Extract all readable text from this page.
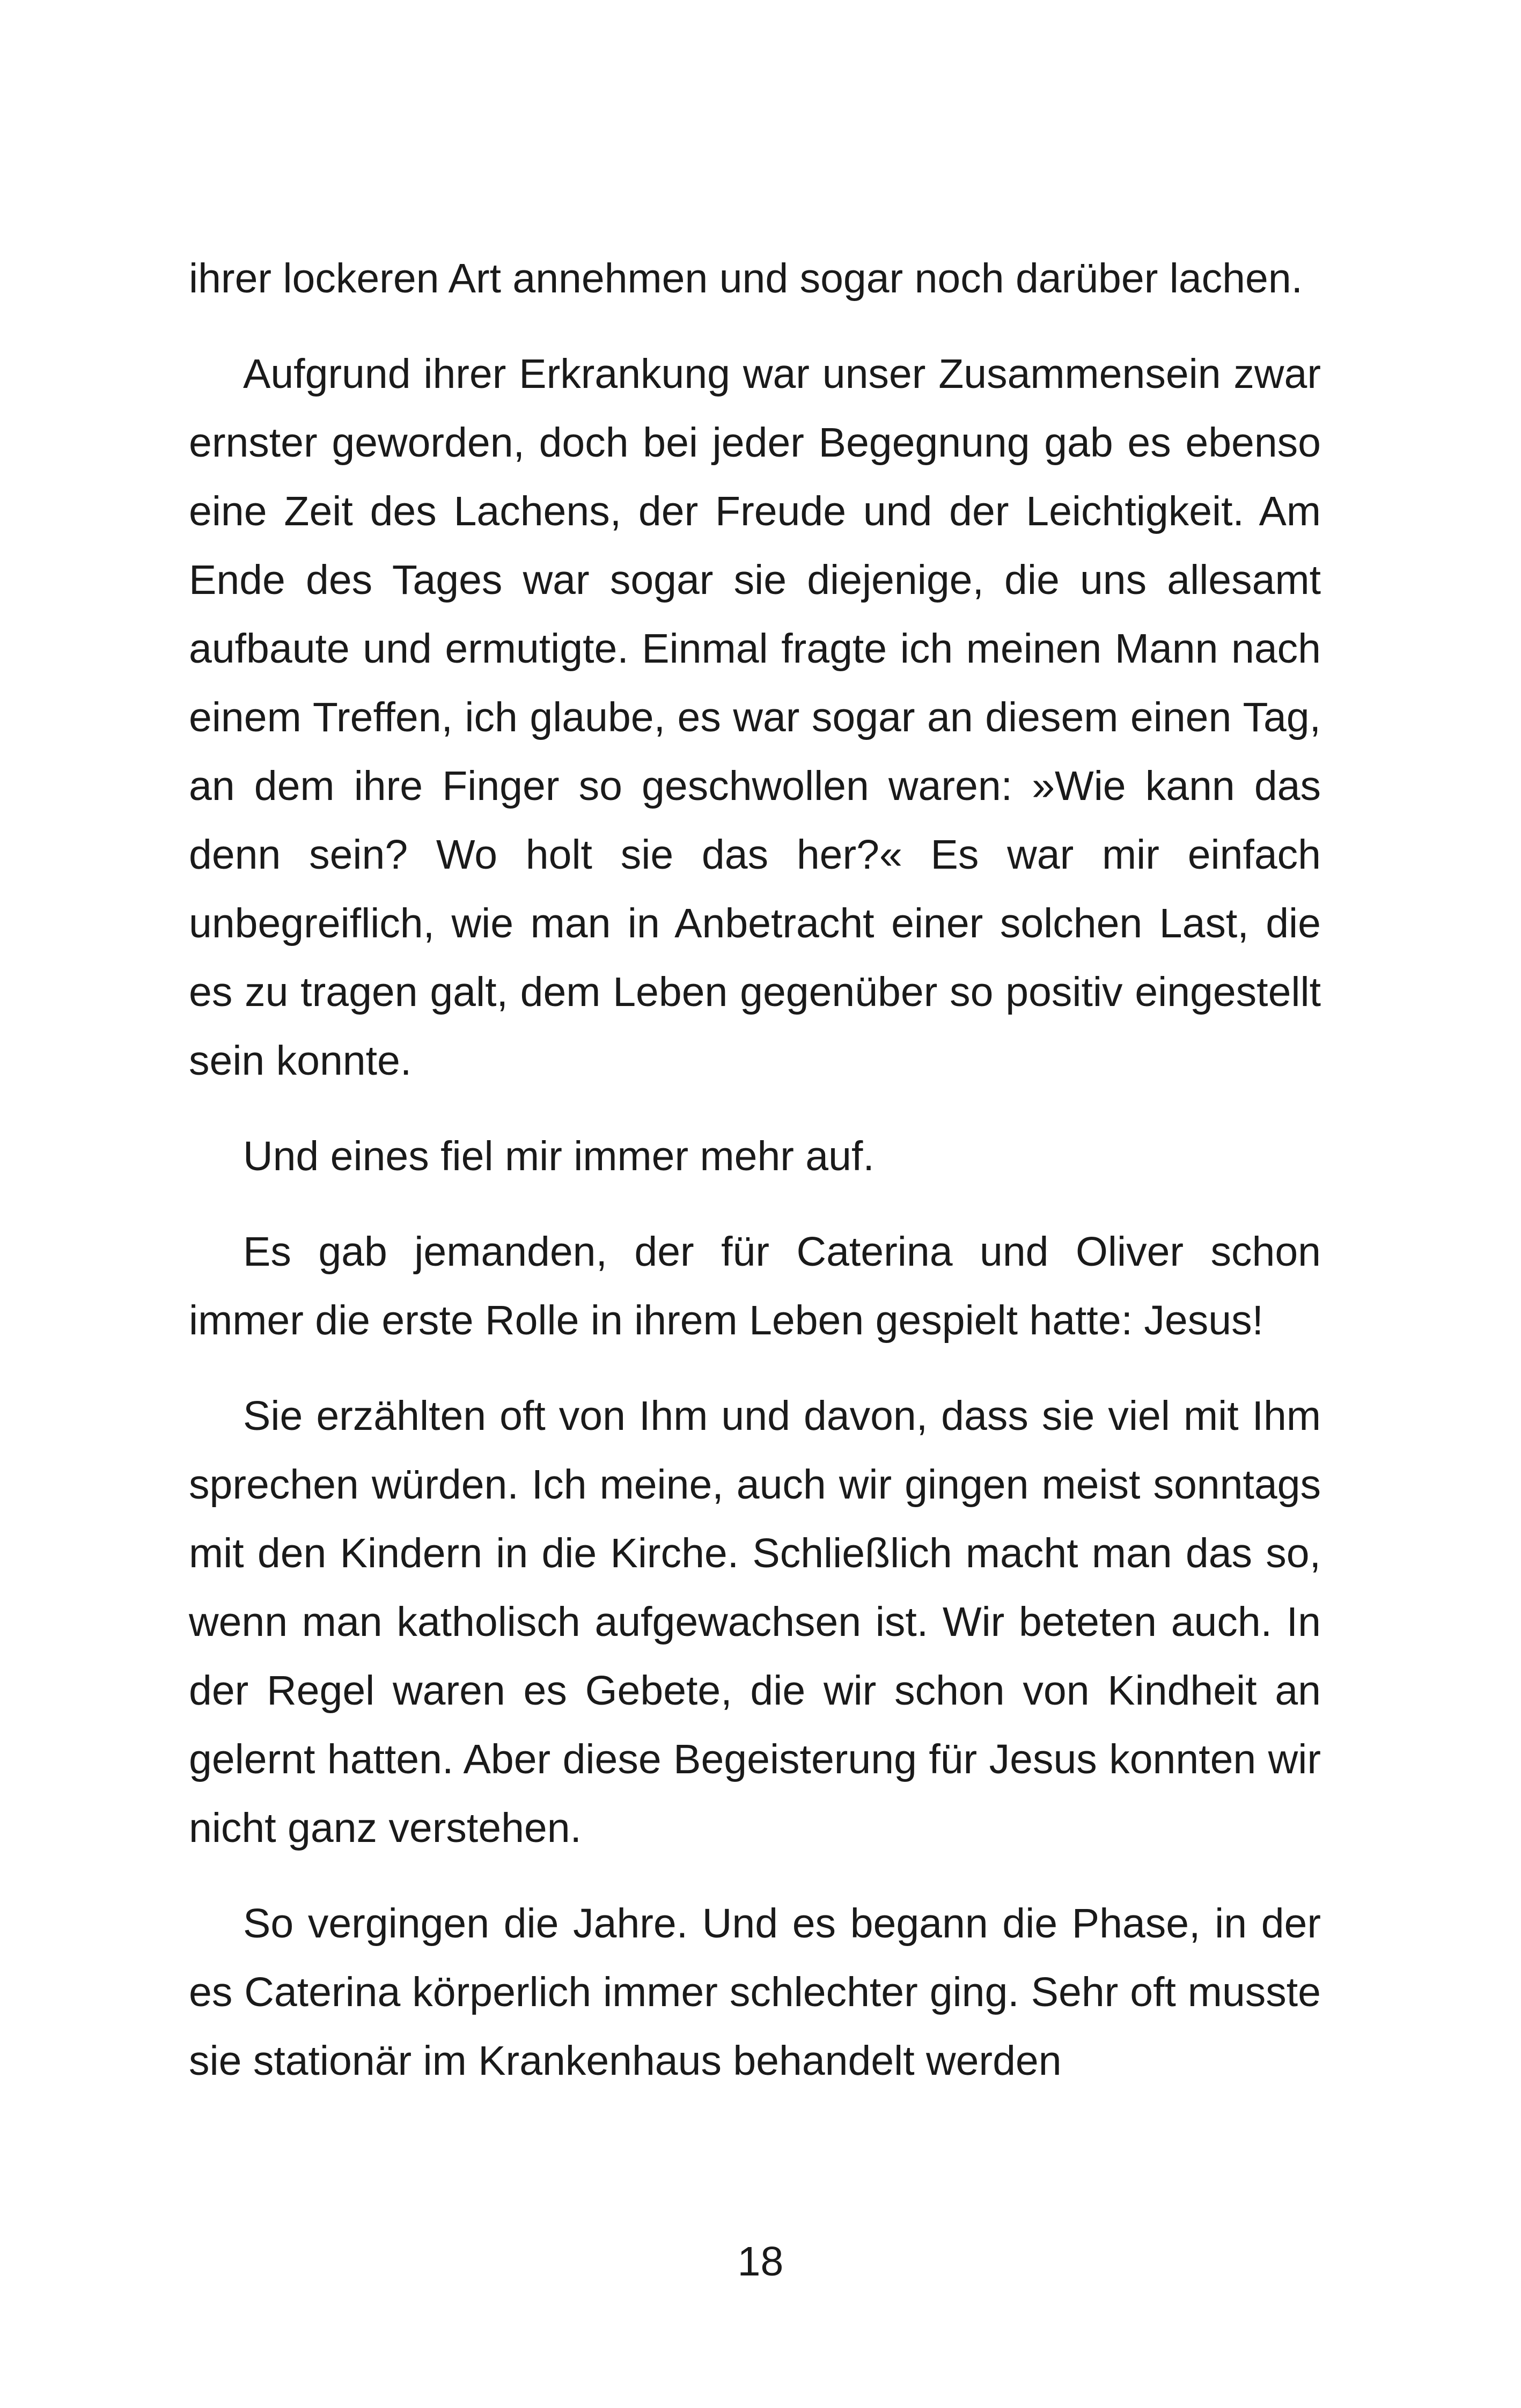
ihrer lockeren Art annehmen und sogar noch darüber lachen.

Aufgrund ihrer Erkrankung war unser Zusammensein zwar ernster geworden, doch bei jeder Begegnung gab es ebenso eine Zeit des Lachens, der Freude und der Leichtigkeit. Am Ende des Tages war sogar sie diejenige, die uns allesamt aufbaute und ermutigte. Einmal fragte ich meinen Mann nach einem Treffen, ich glaube, es war sogar an diesem einen Tag, an dem ihre Finger so geschwollen waren: »Wie kann das denn sein? Wo holt sie das her?« Es war mir einfach unbegreiflich, wie man in Anbetracht einer solchen Last, die es zu tragen galt, dem Leben gegenüber so positiv eingestellt sein konnte.

Und eines fiel mir immer mehr auf.

Es gab jemanden, der für Caterina und Oliver schon immer die erste Rolle in ihrem Leben gespielt hatte: Jesus!

Sie erzählten oft von Ihm und davon, dass sie viel mit Ihm sprechen würden. Ich meine, auch wir gingen meist sonntags mit den Kindern in die Kirche. Schließlich macht man das so, wenn man katholisch aufgewachsen ist. Wir beteten auch. In der Regel waren es Gebete, die wir schon von Kindheit an gelernt hatten. Aber diese Begeisterung für Jesus konnten wir nicht ganz verstehen.

So vergingen die Jahre. Und es begann die Phase, in der es Caterina körperlich immer schlechter ging. Sehr oft musste sie stationär im Krankenhaus behandelt werden

18
